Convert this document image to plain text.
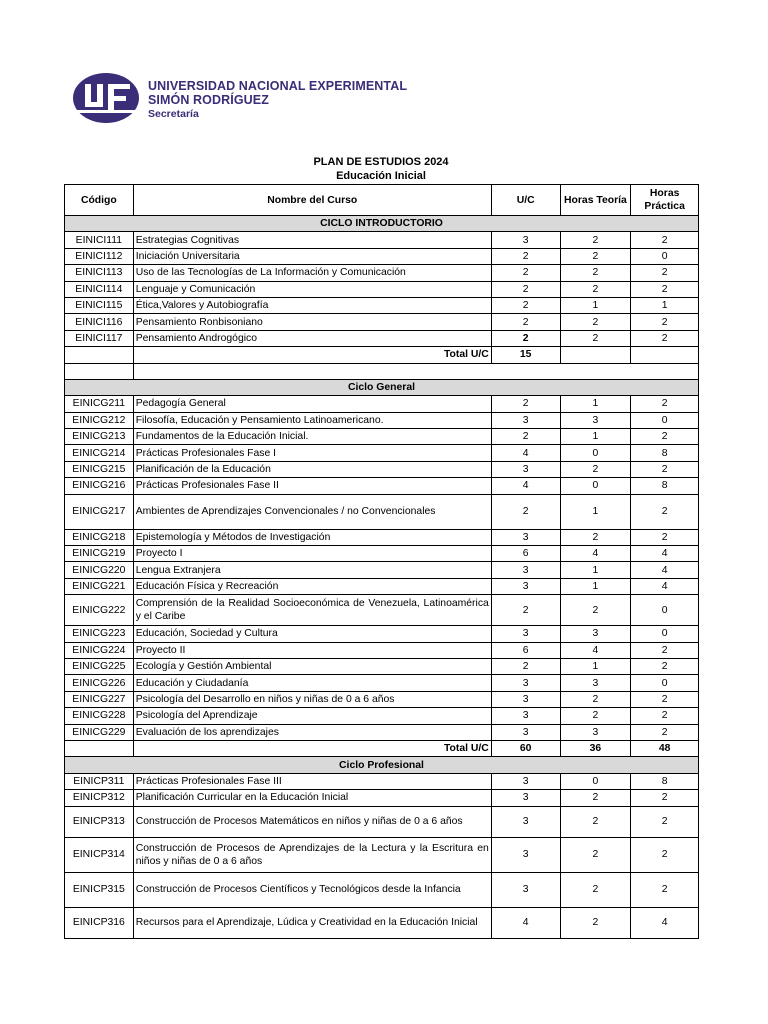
UNIVERSIDAD NACIONAL EXPERIMENTAL
SIMÓN RODRÍGUEZ
Secretaría
PLAN DE ESTUDIOS 2024
Educación Inicial
Código	Nombre del Curso	U/C	Horas Teoría	Horas
Práctica

CICLO INTRODUCTORIO				
EINICI111	Estrategias Cognitivas	3	2	2
EINICI112	Iniciación Universitaria	2	2	0
EINICI113	Uso de las Tecnologías de La Información y Comunicación	2	2	2
EINICI114	Lenguaje y Comunicación	2	2	2
EINICI115	Ética,Valores y Autobiografía	2	1	1
EINICI116	Pensamiento Ronbisoniano	2	2	2
EINICI117	Pensamiento Androgógico	2	2	2
	Total U/C	15		

Ciclo General				
EINICG211	Pedagogía General	2	1	2
EINICG212	Filosofía, Educación y Pensamiento Latinoamericano.	3	3	0
EINICG213	Fundamentos de la Educación Inicial.	2	1	2
EINICG214	Prácticas Profesionales Fase I	4	0	8
EINICG215	Planificación de la Educación	3	2	2
EINICG216	Prácticas Profesionales Fase II	4	0	8
EINICG217	Ambientes de Aprendizajes Convencionales / no Convencionales	2	1	2
EINICG218	Epistemología y Métodos de Investigación	3	2	2
EINICG219	Proyecto I	6	4	4
EINICG220	Lengua Extranjera	3	1	4
EINICG221	Educación Física y Recreación	3	1	4
EINICG222	Comprensión de la Realidad Socioeconómica de Venezuela, Latinoamérica y el Caribe	2	2	0
EINICG223	Educación, Sociedad y Cultura	3	3	0
EINICG224	Proyecto II	6	4	2
EINICG225	Ecología y Gestión Ambiental	2	1	2
EINICG226	Educación y Ciudadanía	3	3	0
EINICG227	Psicología del Desarrollo en niños y niñas de 0 a 6 años	3	2	2
EINICG228	Psicología del Aprendizaje	3	2	2
EINICG229	Evaluación de los aprendizajes	3	3	2
	Total U/C	60	36	48
Ciclo Profesional				
EINICP311	Prácticas Profesionales Fase III	3	0	8
EINICP312	Planificación Curricular en la Educación Inicial	3	2	2
EINICP313	Construcción de Procesos Matemáticos en niños y niñas de 0 a 6 años	3	2	2
EINICP314	Construcción de Procesos de Aprendizajes de la Lectura y la Escritura en niños y niñas de 0 a 6 años	3	2	2
EINICP315	Construcción de Procesos Científicos y Tecnológicos desde la Infancia	3	2	2
EINICP316	Recursos para el Aprendizaje, Lúdica y Creatividad en la Educación Inicial	4	2	4
